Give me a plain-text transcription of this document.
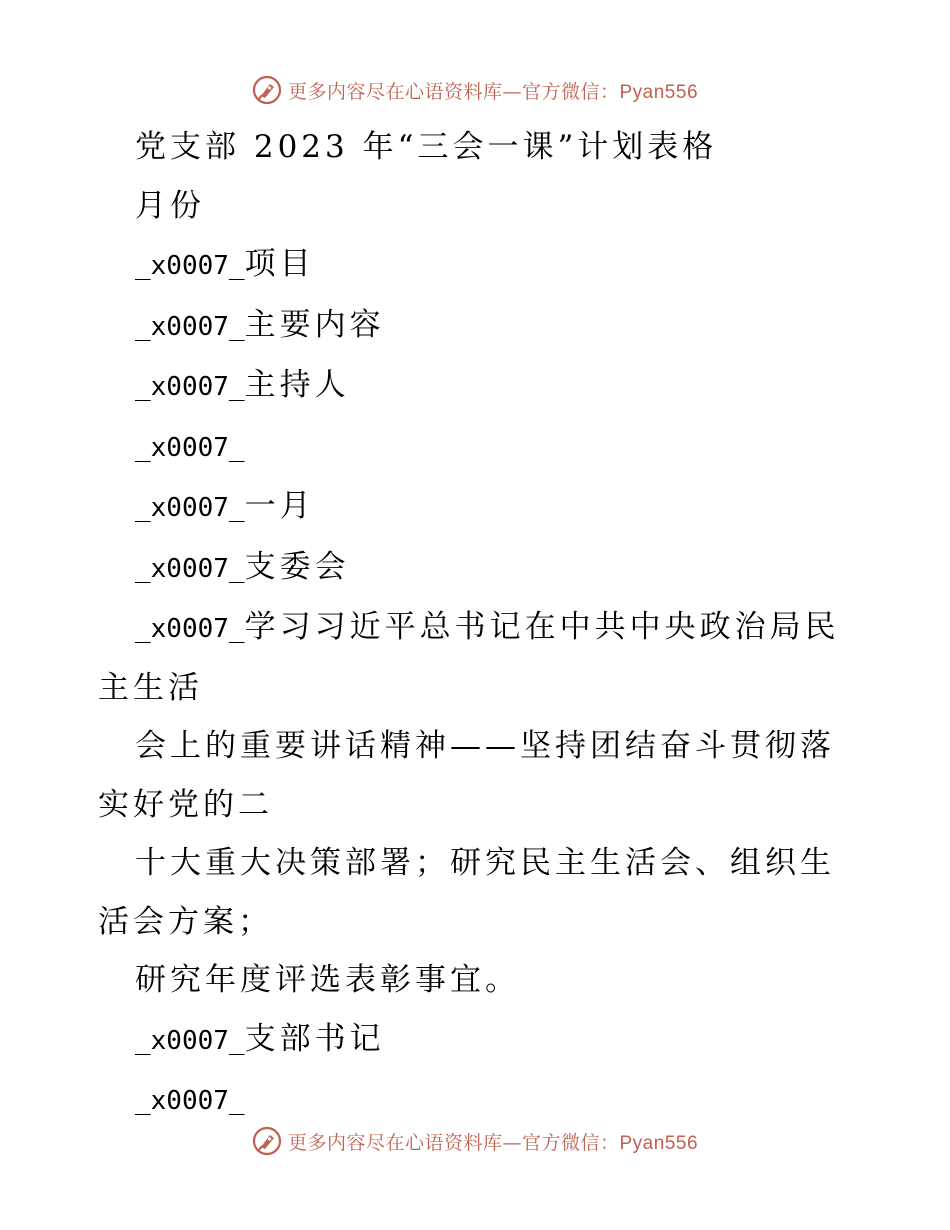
更多内容尽在心语资料库—官方微信：Pyan556

党支部 2023 年“三会一课”计划表格

月份

_x0007_项目

_x0007_主要内容

_x0007_主持人

_x0007_

_x0007_一月

_x0007_支委会

_x0007_学习习近平总书记在中共中央政治局民主生活

会上的重要讲话精神——坚持团结奋斗贯彻落实好党的二

十大重大决策部署；研究民主生活会、组织生活会方案；

研究年度评选表彰事宜。

_x0007_支部书记

_x0007_

更多内容尽在心语资料库—官方微信：Pyan556
